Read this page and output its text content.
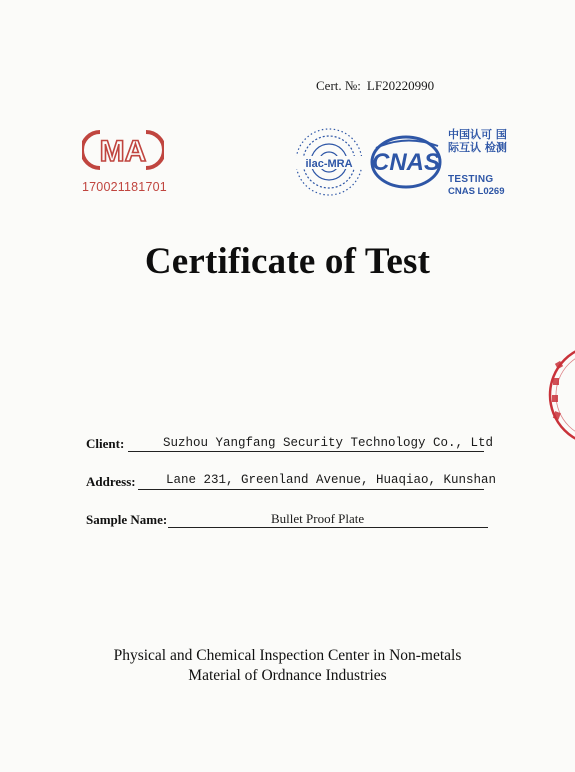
Cert. №: LF20220990
MA
170021181701
ilac-MRA CNAS
中国认可 国际互认 检测
TESTING
CNAS L0269
Certificate of Test
Client:	Suzhou Yangfang Security Technology Co., Ltd
Address: Lane 231, Greenland Avenue, Huaqiao, Kunshan
Sample Name:	Bullet Proof Plate
Physical and Chemical Inspection Center in Non-metals
Material of Ordnance Industries
